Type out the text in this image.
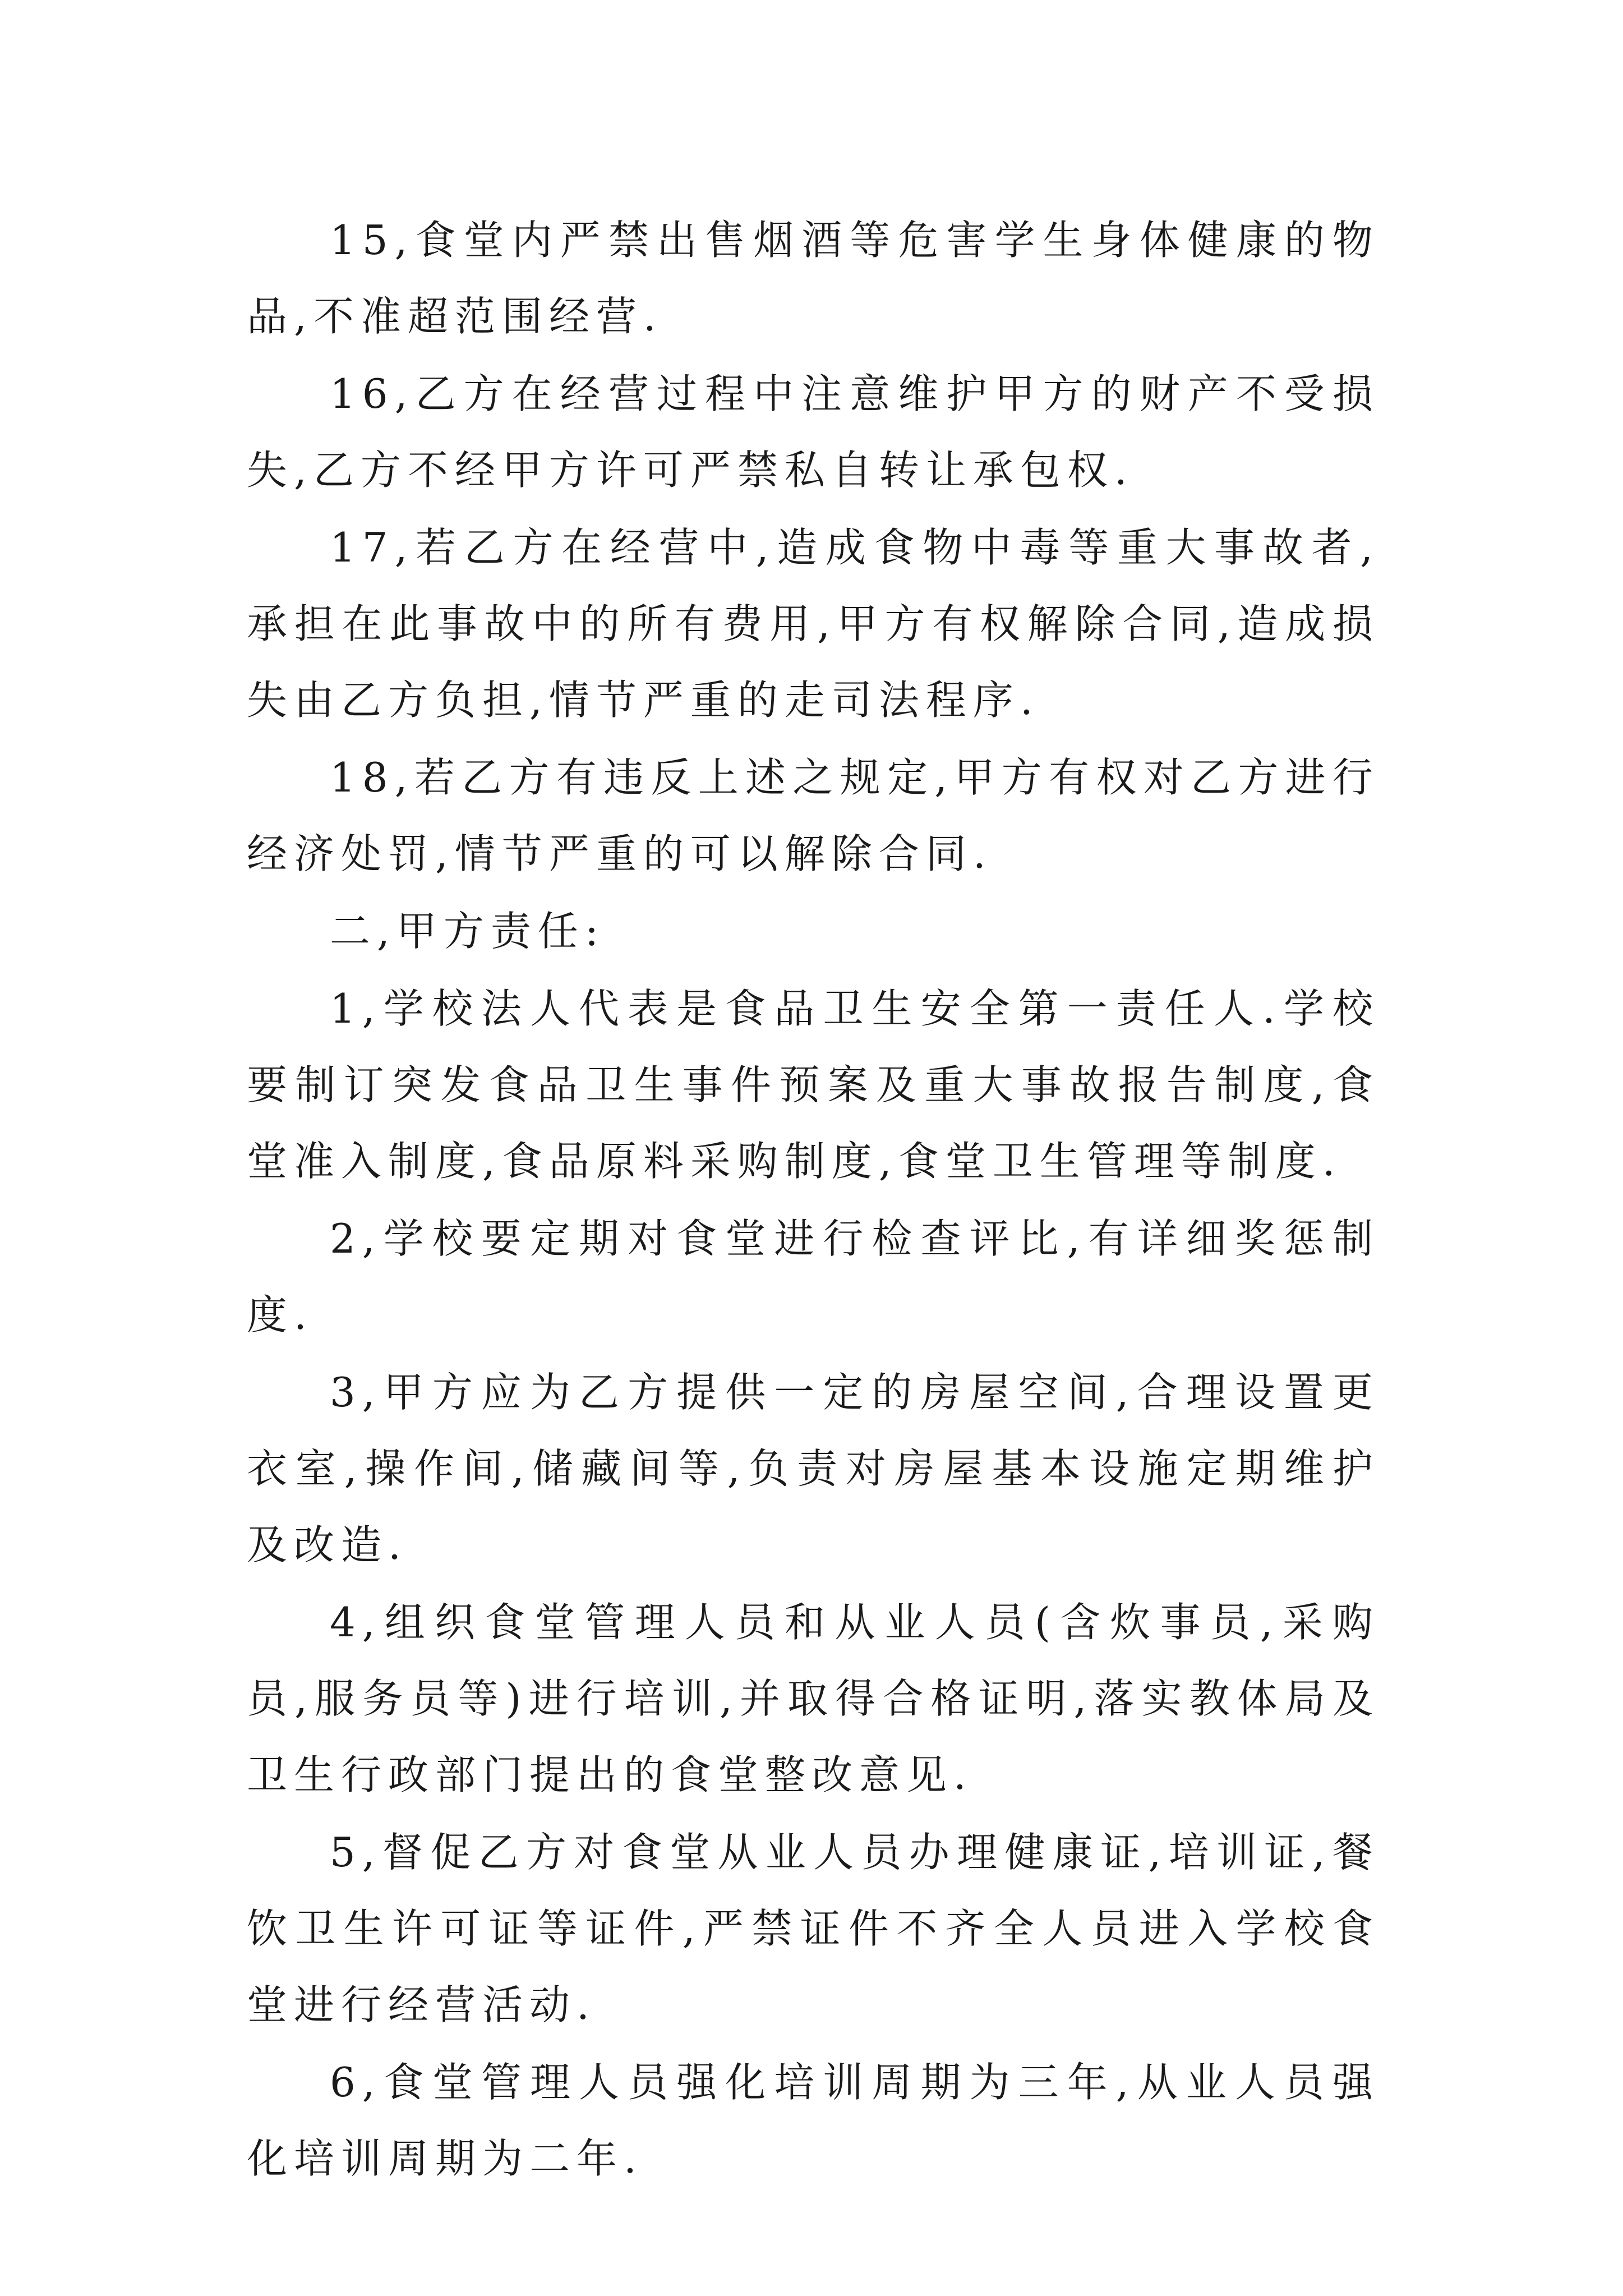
15,食堂内严禁出售烟酒等危害学生身体健康的物品,不准超范围经营.

16,乙方在经营过程中注意维护甲方的财产不受损失,乙方不经甲方许可严禁私自转让承包权.

17,若乙方在经营中,造成食物中毒等重大事故者,承担在此事故中的所有费用,甲方有权解除合同,造成损失由乙方负担,情节严重的走司法程序.

18,若乙方有违反上述之规定,甲方有权对乙方进行经济处罚,情节严重的可以解除合同.

二,甲方责任:

1,学校法人代表是食品卫生安全第一责任人.学校要制订突发食品卫生事件预案及重大事故报告制度,食堂准入制度,食品原料采购制度,食堂卫生管理等制度.

2,学校要定期对食堂进行检查评比,有详细奖惩制度.

3,甲方应为乙方提供一定的房屋空间,合理设置更衣室,操作间,储藏间等,负责对房屋基本设施定期维护及改造.

4,组织食堂管理人员和从业人员(含炊事员,采购员,服务员等)进行培训,并取得合格证明,落实教体局及卫生行政部门提出的食堂整改意见.

5,督促乙方对食堂从业人员办理健康证,培训证,餐饮卫生许可证等证件,严禁证件不齐全人员进入学校食堂进行经营活动.

6,食堂管理人员强化培训周期为三年,从业人员强化培训周期为二年.
